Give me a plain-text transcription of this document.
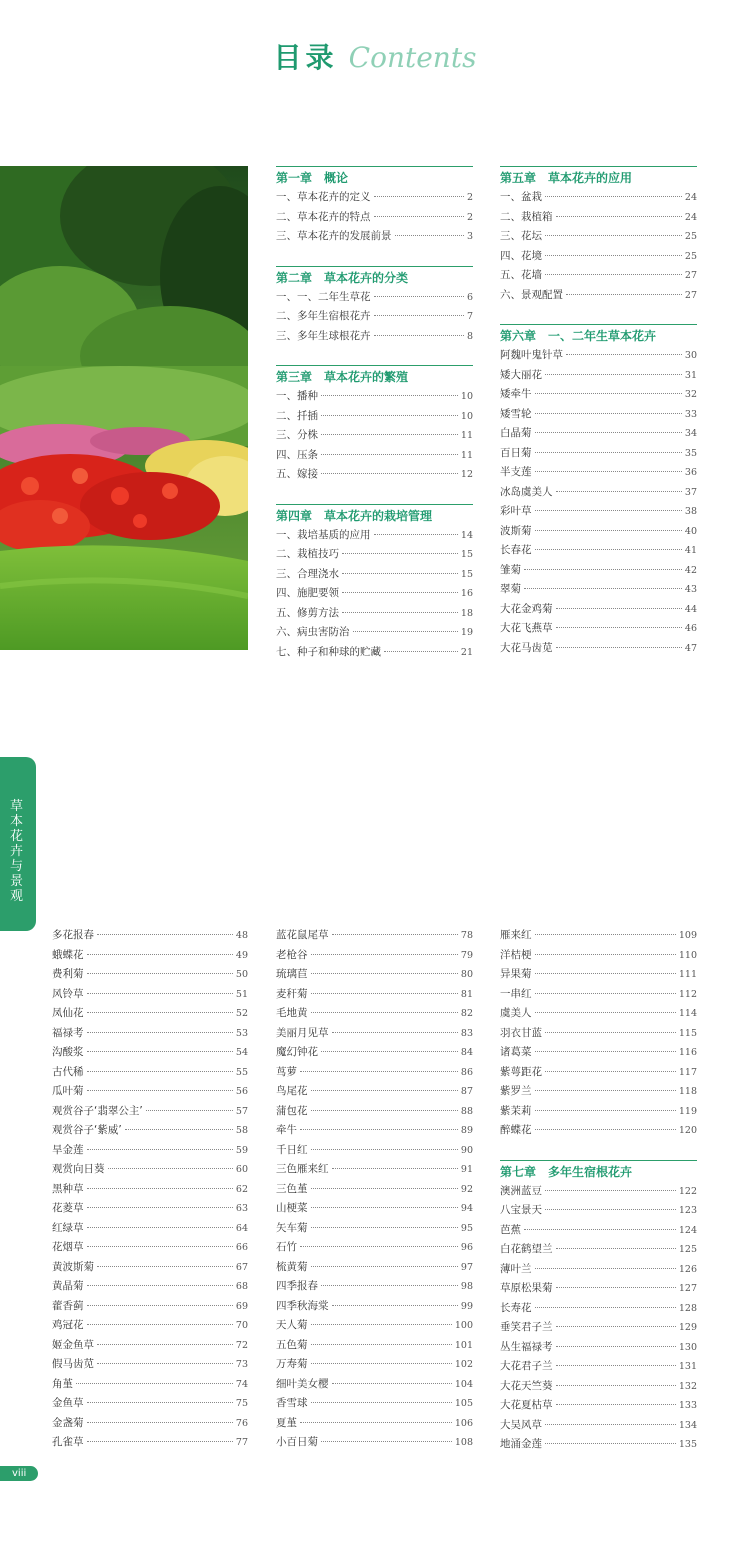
目录 Contents
草本花卉与景观
viii
第一章　概论
一、草本花卉的定义	2
二、草本花卉的特点	2
三、草本花卉的发展前景	3
第二章　草本花卉的分类
一、一、二年生草花	6
二、多年生宿根花卉	7
三、多年生球根花卉	8
第三章　草本花卉的繁殖
一、播种	10
二、扦插	10
三、分株	11
四、压条	11
五、嫁接	12
第四章　草本花卉的栽培管理
一、栽培基质的应用	14
二、栽植技巧	15
三、合理浇水	15
四、施肥要领	16
五、修剪方法	18
六、病虫害防治	19
七、种子和种球的贮藏	21
第五章　草本花卉的应用
一、盆栽	24
二、栽植箱	24
三、花坛	25
四、花境	25
五、花墙	27
六、景观配置	27
第六章　一、二年生草本花卉
阿魏叶鬼针草	30
矮大丽花	31
矮牵牛	32
矮雪轮	33
白晶菊	34
百日菊	35
半支莲	36
冰岛虞美人	37
彩叶草	38
波斯菊	40
长春花	41
雏菊	42
翠菊	43
大花金鸡菊	44
大花飞燕草	46
大花马齿苋	47
多花报春	48
蛾蝶花	49
费利菊	50
风铃草	51
凤仙花	52
福禄考	53
沟酸浆	54
古代稀	55
瓜叶菊	56
观赏谷子‘翡翠公主’	57
观赏谷子‘紫威’	58
旱金莲	59
观赏向日葵	60
黑种草	62
花菱草	63
红绿草	64
花烟草	66
黄波斯菊	67
黄晶菊	68
藿香蓟	69
鸡冠花	70
姬金鱼草	72
假马齿苋	73
角堇	74
金鱼草	75
金盏菊	76
孔雀草	77
蓝花鼠尾草	78
老枪谷	79
琉璃苣	80
麦秆菊	81
毛地黄	82
美丽月见草	83
魔幻钟花	84
茑萝	86
鸟尾花	87
蒲包花	88
牵牛	89
千日红	90
三色雁来红	91
三色堇	92
山梗菜	94
矢车菊	95
石竹	96
梳黄菊	97
四季报春	98
四季秋海棠	99
天人菊	100
五色菊	101
万寿菊	102
细叶美女樱	104
香雪球	105
夏堇	106
小百日菊	108
雁来红	109
洋桔梗	110
异果菊	111
一串红	112
虞美人	114
羽衣甘蓝	115
诸葛菜	116
紫萼距花	117
紫罗兰	118
紫茉莉	119
醉蝶花	120
第七章　多年生宿根花卉
澳洲蓝豆	122
八宝景天	123
芭蕉	124
白花鹤望兰	125
薄叶兰	126
草原松果菊	127
长寿花	128
垂笑君子兰	129
丛生福禄考	130
大花君子兰	131
大花天竺葵	132
大花夏枯草	133
大吴风草	134
地涌金莲	135
